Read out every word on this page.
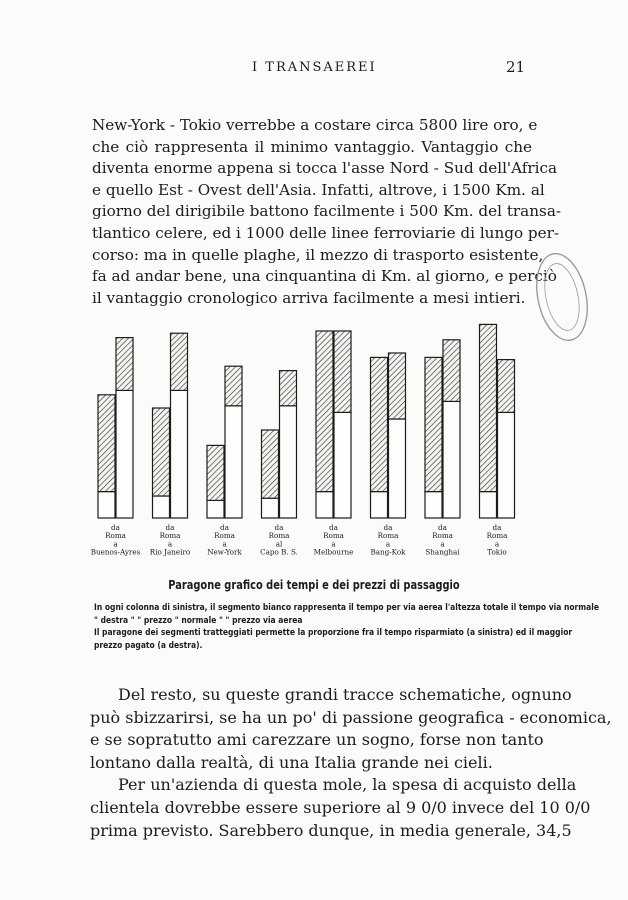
I TRANSAEREI	21
New-York - Tokio verrebbe a costare circa 5800 lire oro, e
che ciò rappresenta il minimo vantaggio. Vantaggio che
diventa enorme appena si tocca l'asse Nord - Sud dell'Africa
e quello Est - Ovest dell'Asia. Infatti, altrove, i 1500 Km. al
giorno del dirigibile battono facilmente i 500 Km. del transa-
tlantico celere, ed i 1000 delle linee ferroviarie di lungo per-
corso: ma in quelle plaghe, il mezzo di trasporto esistente,
fa ad andar bene, una cinquantina di Km. al giorno, e perciò
il vantaggio cronologico arriva facilmente a mesi intieri.
da
Roma
a
Buenos-Ayres
da
Roma
a
Rio Janeiro
da
Roma
a
New-York
da
Roma
al
Capo B. S.
da
Roma
a
Melbourne
da
Roma
a
Bang-Kok
da
Roma
a
Shanghai
da
Roma
a
Tokio
Paragone grafico dei tempi e dei prezzi di passaggio
In ogni colonna di sinistra, il segmento bianco rappresenta il tempo per via aerea l'altezza totale il tempo via normale
" destra " " prezzo " normale " " prezzo via aerea
Il paragone dei segmenti tratteggiati permette la proporzione fra il tempo risparmiato (a sinistra) ed il maggior
prezzo pagato (a destra).
Del resto, su queste grandi tracce schematiche, ognuno
può sbizzarirsi, se ha un po' di passione geografica - economica,
e se sopratutto ami carezzare un sogno, forse non tanto
lontano dalla realtà, di una Italia grande nei cieli.
Per un'azienda di questa mole, la spesa di acquisto della
clientela dovrebbe essere superiore al 9 0/0 invece del 10 0/0
prima previsto. Sarebbero dunque, in media generale, 34,5
